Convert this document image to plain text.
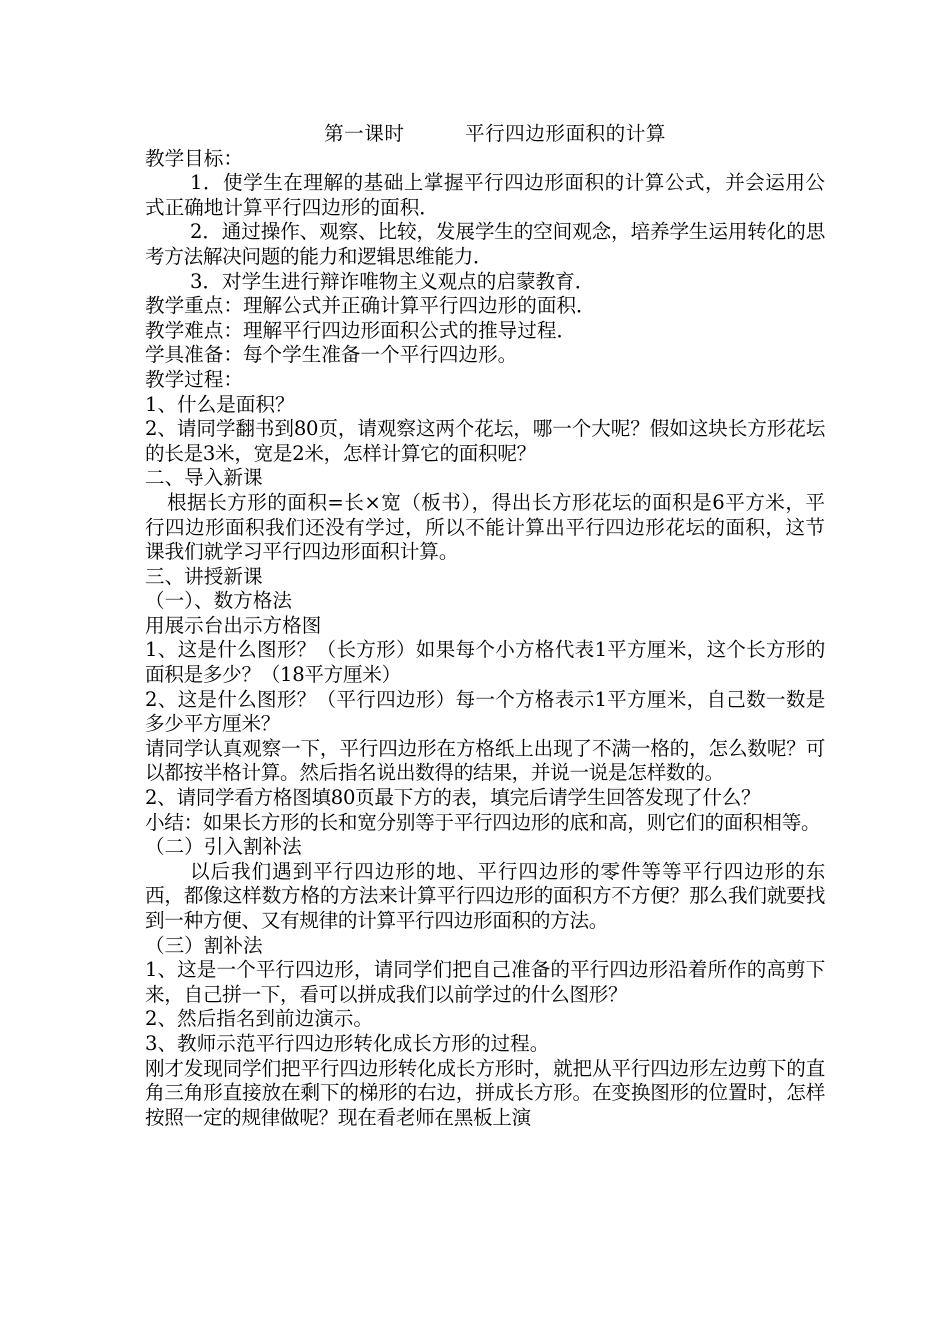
第一课时         平行四边形面积的计算

教学目标：

1．使学生在理解的基础上掌握平行四边形面积的计算公式，并会运用公式正确地计算平行四边形的面积．

2．通过操作、观察、比较，发展学生的空间观念，培养学生运用转化的思考方法解决问题的能力和逻辑思维能力．

3．对学生进行辩诈唯物主义观点的启蒙教育．

教学重点：理解公式并正确计算平行四边形的面积．

教学难点：理解平行四边形面积公式的推导过程．

学具准备：每个学生准备一个平行四边形。

教学过程：

1、什么是面积？

2、请同学翻书到80页，请观察这两个花坛，哪一个大呢？假如这块长方形花坛的长是3米，宽是2米，怎样计算它的面积呢？

二、导入新课

根据长方形的面积=长×宽（板书），得出长方形花坛的面积是6平方米，平行四边形面积我们还没有学过，所以不能计算出平行四边形花坛的面积，这节课我们就学习平行四边形面积计算。

三、讲授新课

（一）、数方格法

用展示台出示方格图

1、这是什么图形？（长方形）如果每个小方格代表1平方厘米，这个长方形的面积是多少？（18平方厘米）

2、这是什么图形？（平行四边形）每一个方格表示1平方厘米，自己数一数是多少平方厘米？

请同学认真观察一下，平行四边形在方格纸上出现了不满一格的，怎么数呢？可以都按半格计算。然后指名说出数得的结果，并说一说是怎样数的。

2、请同学看方格图填80页最下方的表，填完后请学生回答发现了什么？

小结：如果长方形的长和宽分别等于平行四边形的底和高，则它们的面积相等。

（二）引入割补法

以后我们遇到平行四边形的地、平行四边形的零件等等平行四边形的东西，都像这样数方格的方法来计算平行四边形的面积方不方便？那么我们就要找到一种方便、又有规律的计算平行四边形面积的方法。

（三）割补法

1、这是一个平行四边形，请同学们把自己准备的平行四边形沿着所作的高剪下来，自己拼一下，看可以拼成我们以前学过的什么图形？

2、然后指名到前边演示。

3、教师示范平行四边形转化成长方形的过程。

刚才发现同学们把平行四边形转化成长方形时，就把从平行四边形左边剪下的直角三角形直接放在剩下的梯形的右边，拼成长方形。在变换图形的位置时，怎样按照一定的规律做呢？现在看老师在黑板上演
